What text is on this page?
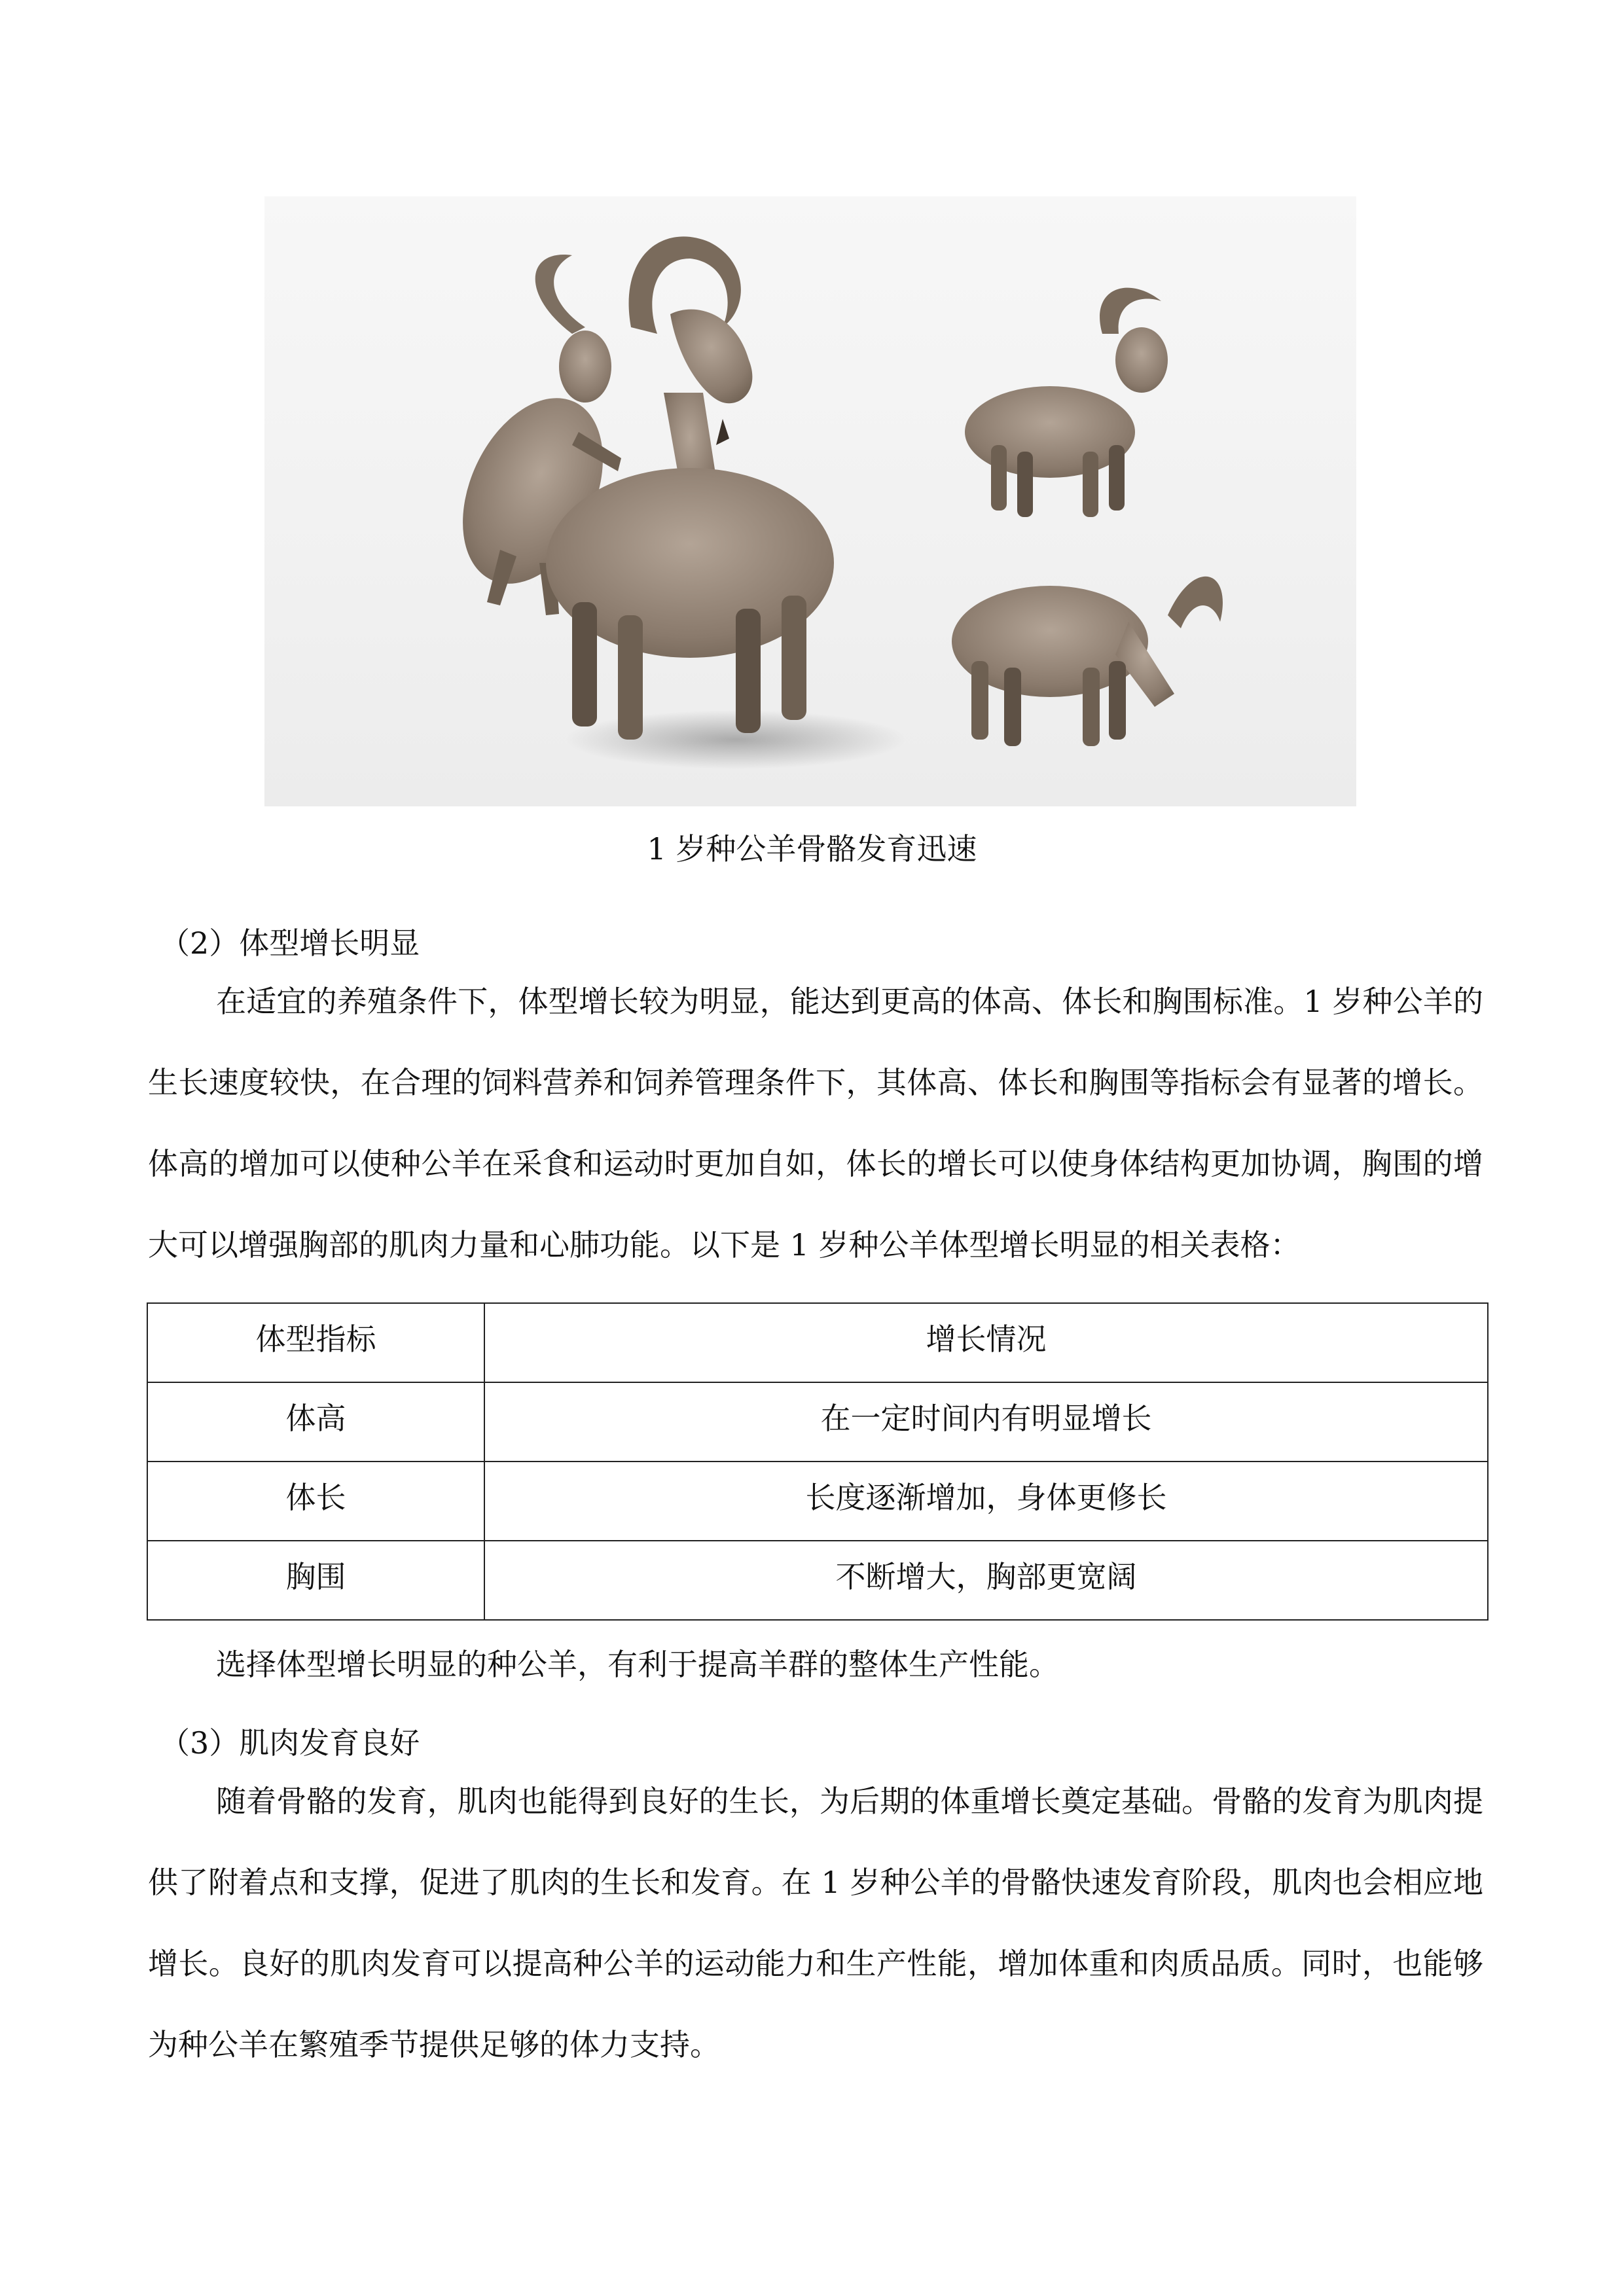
1 岁种公羊骨骼发育迅速
（2）体型增长明显

在适宜的养殖条件下，体型增长较为明显，能达到更高的体高、体长和胸围标准。1 岁种公羊的生长速度较快，在合理的饲料营养和饲养管理条件下，其体高、体长和胸围等指标会有显著的增长。体高的增加可以使种公羊在采食和运动时更加自如，体长的增长可以使身体结构更加协调，胸围的增大可以增强胸部的肌肉力量和心肺功能。以下是 1 岁种公羊体型增长明显的相关表格：

体型指标	增长情况
体高	在一定时间内有明显增长
体长	长度逐渐增加，身体更修长
胸围	不断增大，胸部更宽阔

选择体型增长明显的种公羊，有利于提高羊群的整体生产性能。

（3）肌肉发育良好

随着骨骼的发育，肌肉也能得到良好的生长，为后期的体重增长奠定基础。骨骼的发育为肌肉提供了附着点和支撑，促进了肌肉的生长和发育。在 1 岁种公羊的骨骼快速发育阶段，肌肉也会相应地增长。良好的肌肉发育可以提高种公羊的运动能力和生产性能，增加体重和肉质品质。同时，也能够为种公羊在繁殖季节提供足够的体力支持。
